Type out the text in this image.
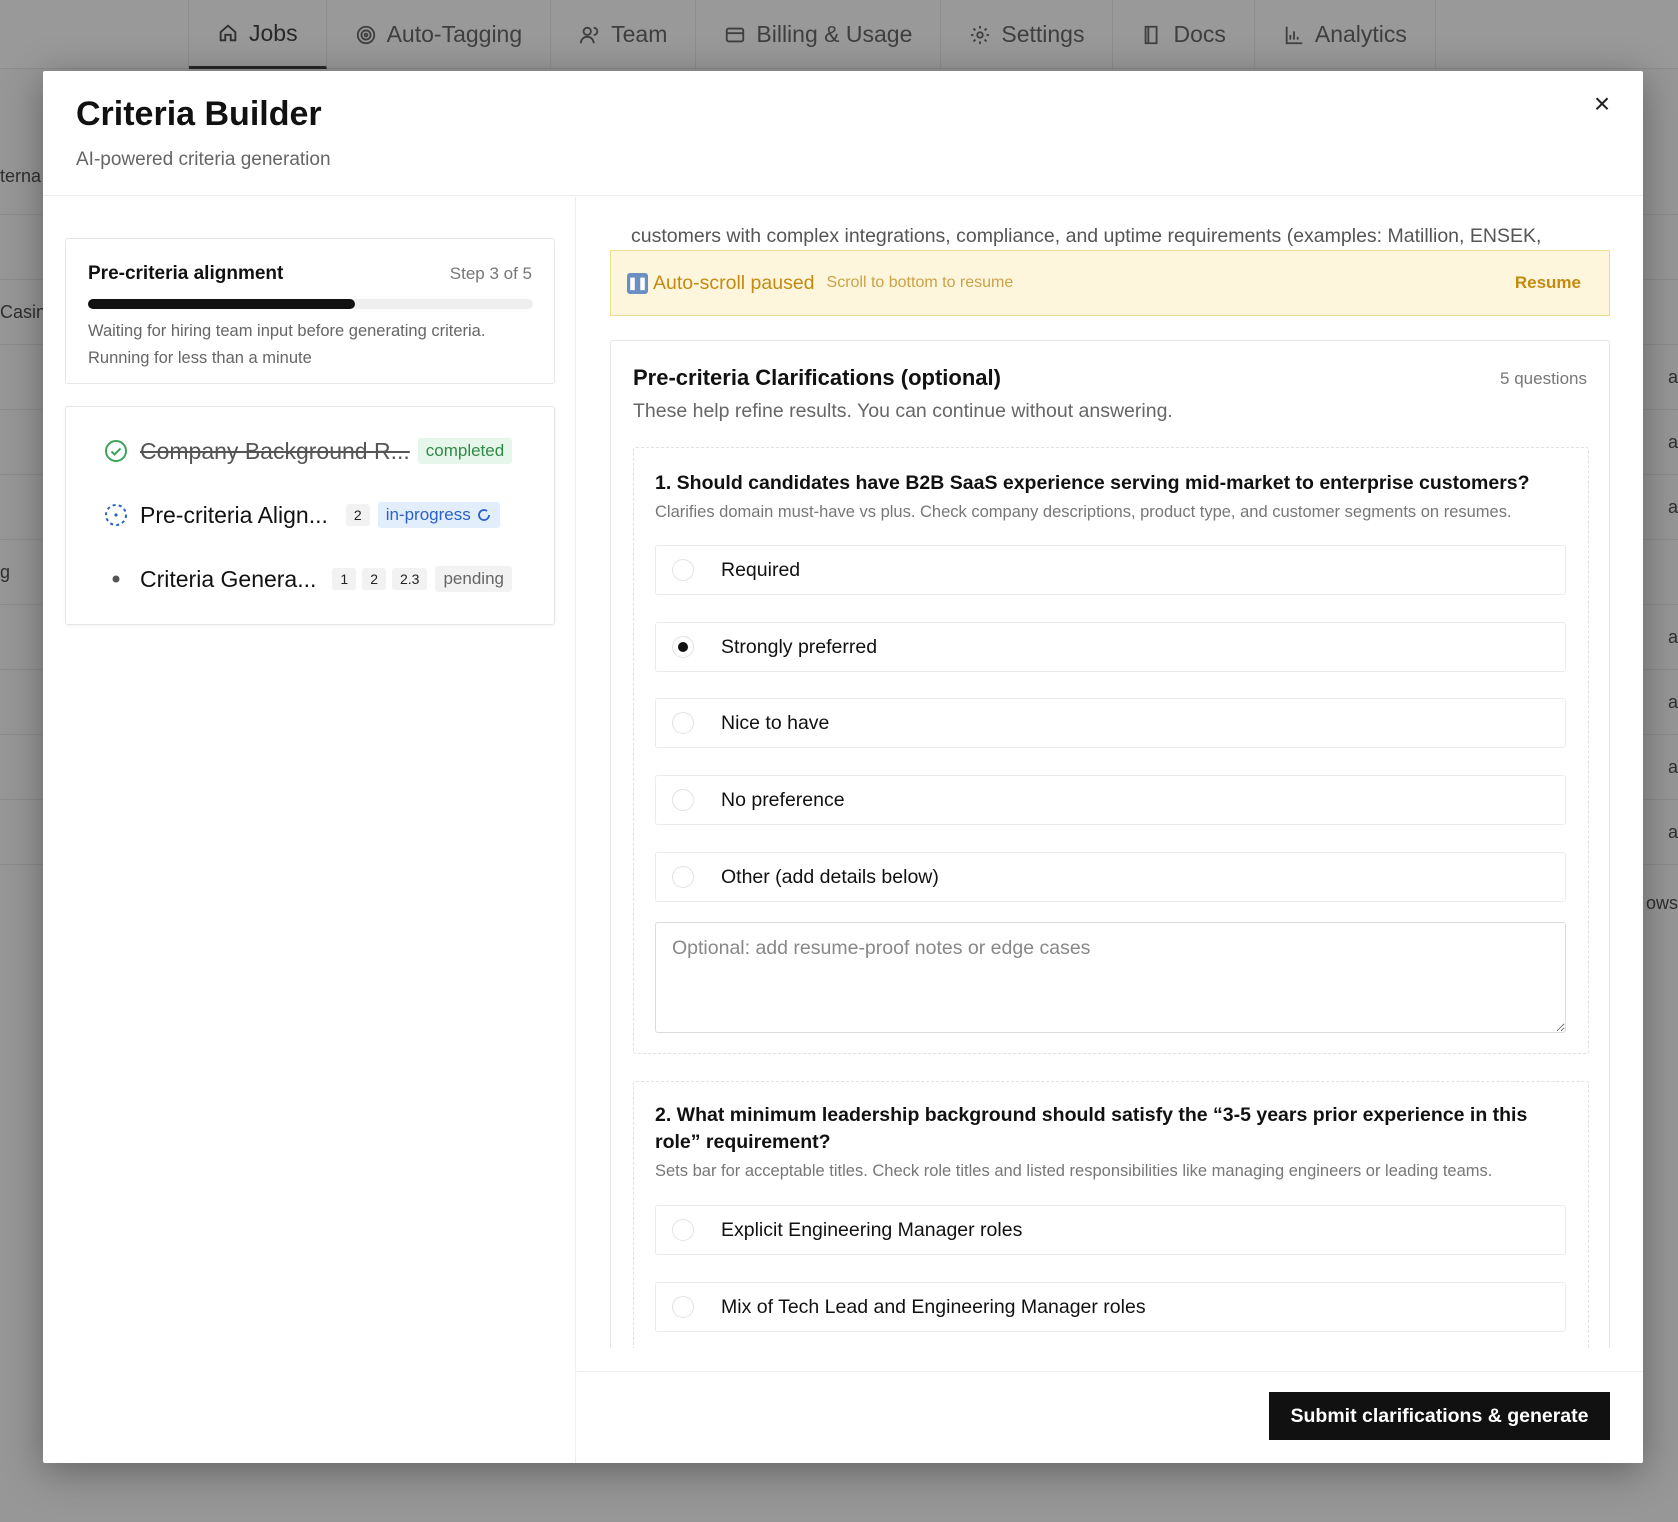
Criteria Builder
AI-powered criteria generation
×
Pre-criteria alignment	Step 3 of 5
Waiting for hiring team input before generating criteria.
Running for less than a minute
Company Background R... completed
Pre-criteria Align...	2	in-progress
Criteria Genera...	1	2	2.3	pending
customers with complex integrations, compliance, and uptime requirements (examples: Matillion, ENSEK,
❚❚ Auto-scroll paused Scroll to bottom to resume	Resume
Pre-criteria Clarifications (optional)	5 questions
These help refine results. You can continue without answering.
1. Should candidates have B2B SaaS experience serving mid-market to enterprise customers?
Clarifies domain must-have vs plus. Check company descriptions, product type, and customer segments on resumes.
Required
Strongly preferred
Nice to have
No preference
Other (add details below)
Optional: add resume-proof notes or edge cases
2. What minimum leadership background should satisfy the “3-5 years prior experience in this role” requirement?
Sets bar for acceptable titles. Check role titles and listed responsibilities like managing engineers or leading teams.
Explicit Engineering Manager roles
Mix of Tech Lead and Engineering Manager roles
Submit clarifications & generate
